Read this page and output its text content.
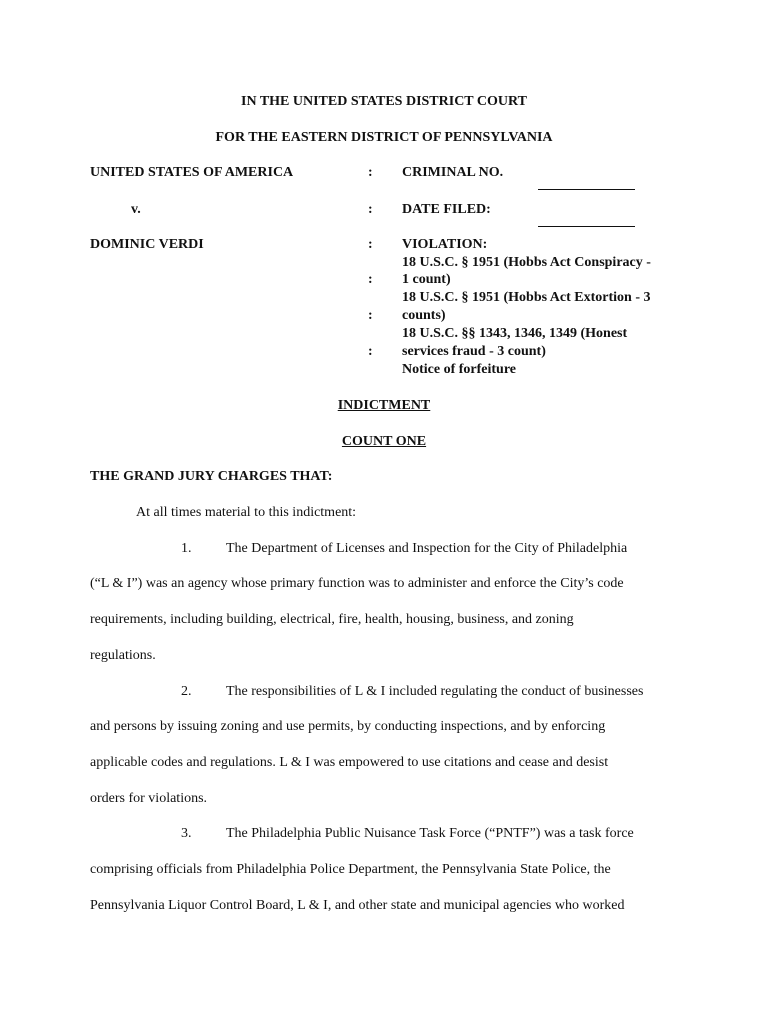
IN THE UNITED STATES DISTRICT COURT
FOR THE EASTERN DISTRICT OF PENNSYLVANIA
UNITED STATES OF AMERICA
v.
DOMINIC VERDI
:
:
:
:
:
:
CRIMINAL NO.
DATE FILED:
VIOLATION:
18 U.S.C. § 1951 (Hobbs Act Conspiracy -
1 count)
18 U.S.C. § 1951 (Hobbs Act Extortion - 3
counts)
18 U.S.C. §§ 1343, 1346, 1349 (Honest
services fraud - 3 count)
Notice of forfeiture
INDICTMENT
COUNT ONE
THE GRAND JURY CHARGES THAT:
At all times material to this indictment:
1. The Department of Licenses and Inspection for the City of Philadelphia
(“L & I”) was an agency whose primary function was to administer and enforce the City’s code
requirements, including building, electrical, fire, health, housing, business, and zoning
regulations.
2. The responsibilities of L & I included regulating the conduct of businesses
and persons by issuing zoning and use permits, by conducting inspections, and by enforcing
applicable codes and regulations. L & I was empowered to use citations and cease and desist
orders for violations.
3. The Philadelphia Public Nuisance Task Force (“PNTF”) was a task force
comprising officials from Philadelphia Police Department, the Pennsylvania State Police, the
Pennsylvania Liquor Control Board, L & I, and other state and municipal agencies who worked
